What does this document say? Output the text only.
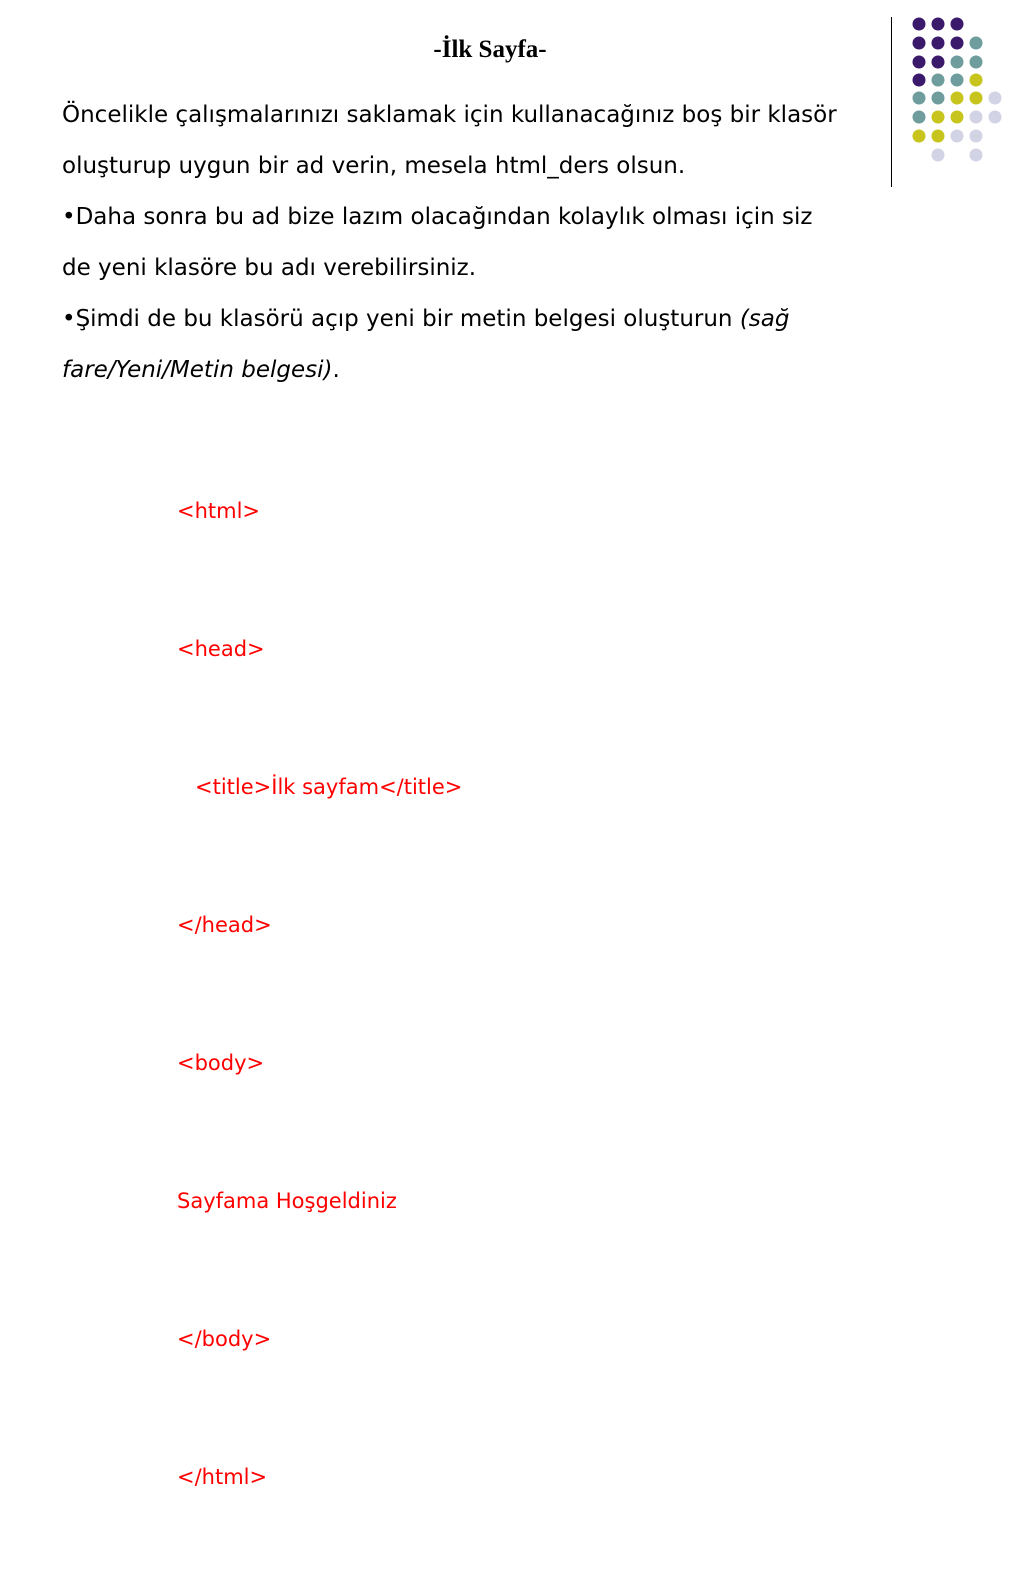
-İlk Sayfa-
Öncelikle çalışmalarınızı saklamak için kullanacağınız boş bir klasör
oluşturup uygun bir ad verin, mesela html_ders olsun.
•Daha sonra bu ad bize lazım olacağından kolaylık olması için siz
de yeni klasöre bu adı verebilirsiniz.
•Şimdi de bu klasörü açıp yeni bir metin belgesi oluşturun (sağ
fare/Yeni/Metin belgesi).

<html>

<head>

<title>İlk sayfam</title>

</head>

<body>

Sayfama Hoşgeldiniz

</body>

</html>
